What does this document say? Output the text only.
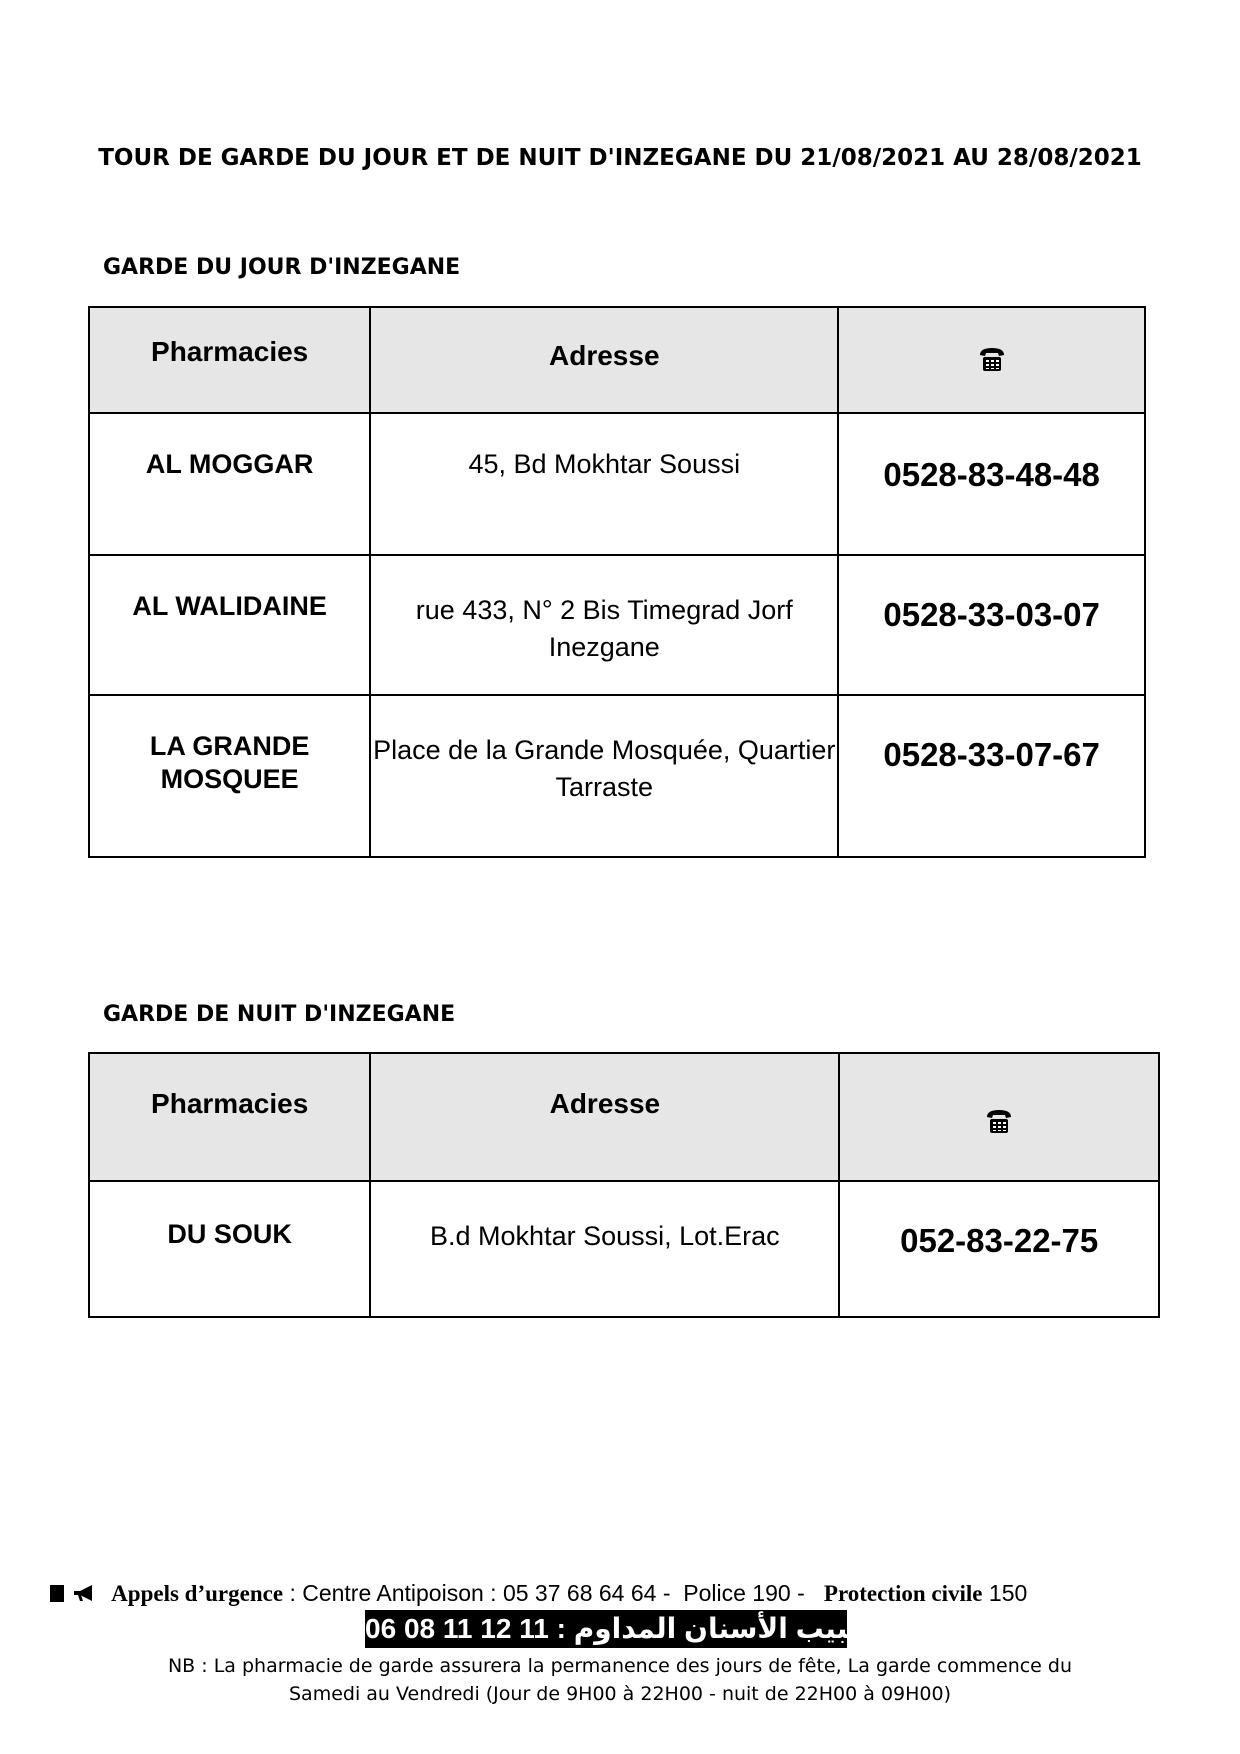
TOUR DE GARDE DU JOUR ET DE NUIT D'INZEGANE DU 21/08/2021 AU 28/08/2021
GARDE DU JOUR D'INZEGANE
Pharmacies	Adresse	
AL MOGGAR	45, Bd Mokhtar Soussi	0528-83-48-48
AL WALIDAINE	rue 433, N° 2 Bis Timegrad Jorf Inezgane	0528-33-03-07
LA GRANDE MOSQUEE	Place de la Grande Mosquée, Quartier Tarraste	0528-33-07-67
GARDE DE NUIT D'INZEGANE
Pharmacies	Adresse	
DU SOUK	B.d Mokhtar Soussi, Lot.Erac	052-83-22-75
Appels d’urgence : Centre Antipoison : 05 37 68 64 64 - Police 190 - Protection civile 150
طبيب الأسنان المداوم : 11 12 11 08 06
NB : La pharmacie de garde assurera la permanence des jours de fête, La garde commence du
Samedi au Vendredi (Jour de 9H00 à 22H00 - nuit de 22H00 à 09H00)
